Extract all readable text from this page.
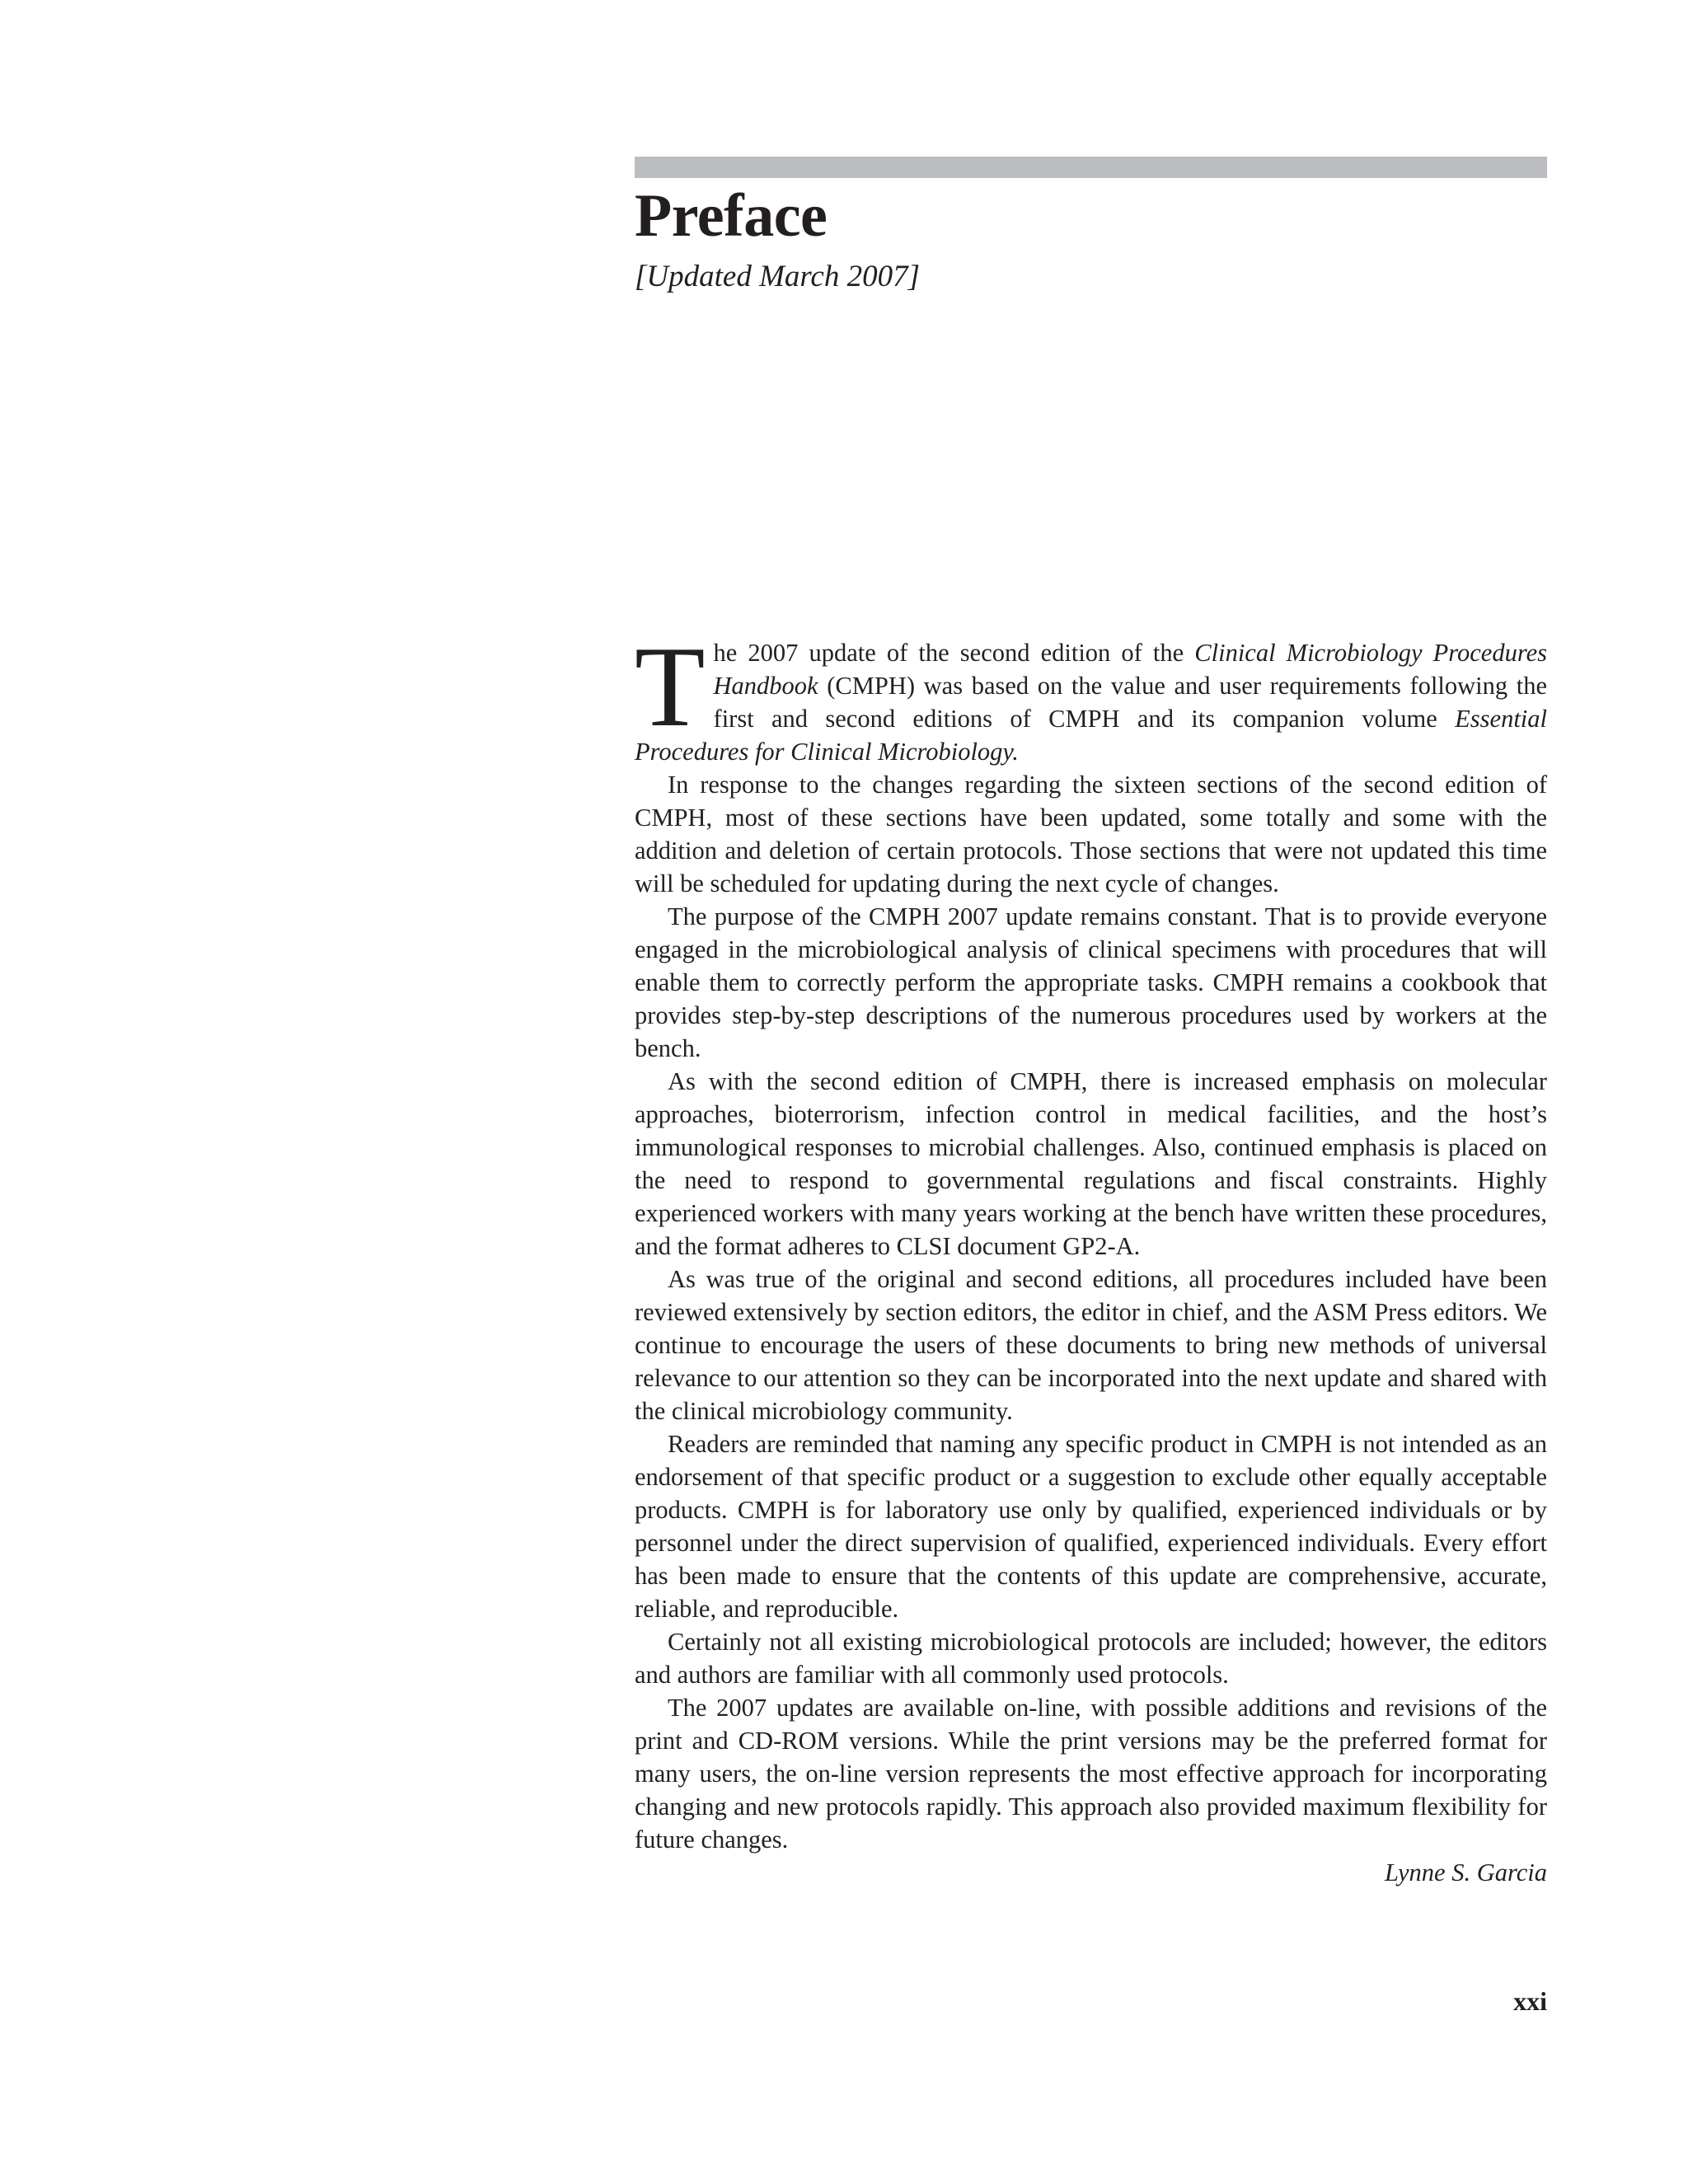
Preface

[Updated March 2007]

The 2007 update of the second edition of the Clinical Microbiology Procedures Handbook (CMPH) was based on the value and user requirements following the first and second editions of CMPH and its companion volume Essential Procedures for Clinical Microbiology.

In response to the changes regarding the sixteen sections of the second edition of CMPH, most of these sections have been updated, some totally and some with the addition and deletion of certain protocols. Those sections that were not updated this time will be scheduled for updating during the next cycle of changes.

The purpose of the CMPH 2007 update remains constant. That is to provide everyone engaged in the microbiological analysis of clinical specimens with procedures that will enable them to correctly perform the appropriate tasks. CMPH remains a cookbook that provides step-by-step descriptions of the numerous procedures used by workers at the bench.

As with the second edition of CMPH, there is increased emphasis on molecular approaches, bioterrorism, infection control in medical facilities, and the host’s immunological responses to microbial challenges. Also, continued emphasis is placed on the need to respond to governmental regulations and fiscal constraints. Highly experienced workers with many years working at the bench have written these procedures, and the format adheres to CLSI document GP2-A.

As was true of the original and second editions, all procedures included have been reviewed extensively by section editors, the editor in chief, and the ASM Press editors. We continue to encourage the users of these documents to bring new methods of universal relevance to our attention so they can be incorporated into the next update and shared with the clinical microbiology community.

Readers are reminded that naming any specific product in CMPH is not intended as an endorsement of that specific product or a suggestion to exclude other equally acceptable products. CMPH is for laboratory use only by qualified, experienced individuals or by personnel under the direct supervision of qualified, experienced individuals. Every effort has been made to ensure that the contents of this update are comprehensive, accurate, reliable, and reproducible.

Certainly not all existing microbiological protocols are included; however, the editors and authors are familiar with all commonly used protocols.

The 2007 updates are available on-line, with possible additions and revisions of the print and CD-ROM versions. While the print versions may be the preferred format for many users, the on-line version represents the most effective approach for incorporating changing and new protocols rapidly. This approach also provided maximum flexibility for future changes.

Lynne S. Garcia

xxi
